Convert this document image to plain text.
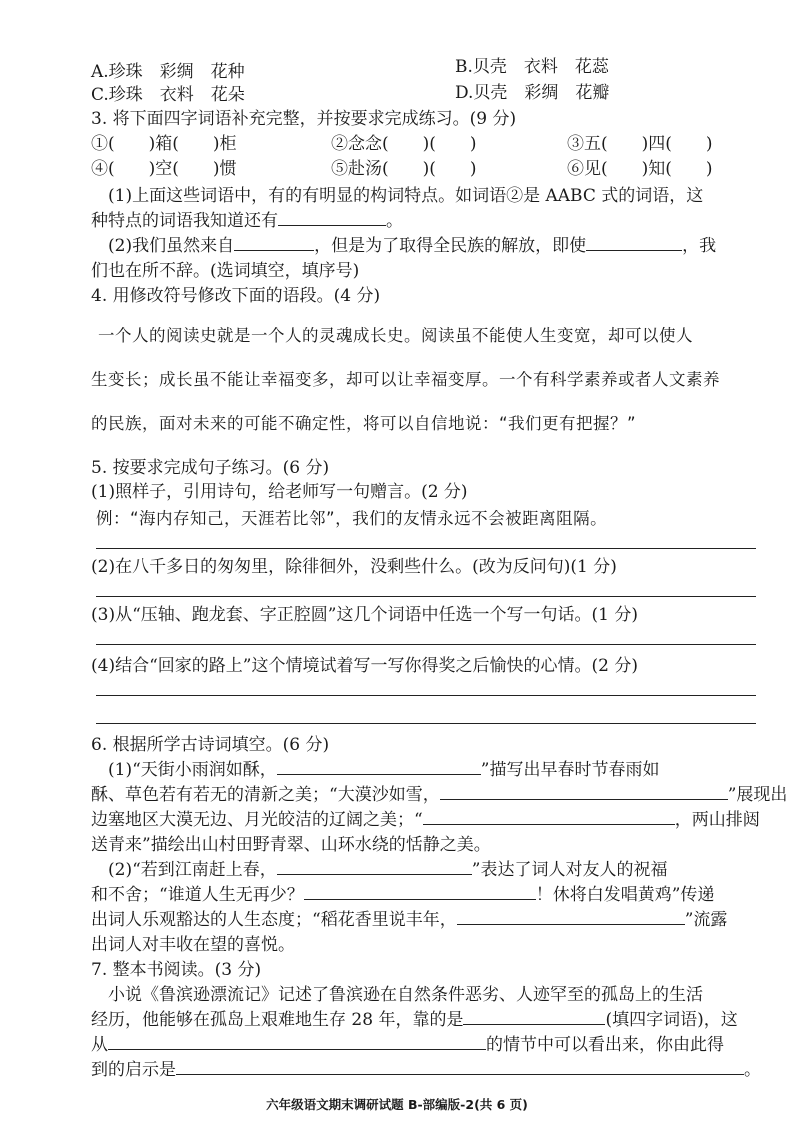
A.珍珠　彩绸　花种	B.贝壳　衣料　花蕊
C.珍珠　衣料　花朵	D.贝壳　彩绸　花瓣
3. 将下面四字词语补充完整，并按要求完成练习。(9 分)
①(　　)箱(　　)柜	②念念(　　)(　　)	③五(　　)四(　　)
④(　　)空(　　)惯	⑤赴汤(　　)(　　)	⑥见(　　)知(　　)
(1)上面这些词语中，有的有明显的构词特点。如词语②是 AABC 式的词语，这
种特点的词语我知道还有	。
(2)我们虽然来自	，但是为了取得全民族的解放，即使	，我
们也在所不辞。(选词填空，填序号)
4. 用修改符号修改下面的语段。(4 分)
一个人的阅读史就是一个人的灵魂成长史。阅读虽不能使人生变宽，却可以使人
生变长；成长虽不能让幸福变多，却可以让幸福变厚。一个有科学素养或者人文素养
的民族，面对未来的可能不确定性，将可以自信地说：“我们更有把握？”
5. 按要求完成句子练习。(6 分)
(1)照样子，引用诗句，给老师写一句赠言。(2 分)
例：“海内存知己，天涯若比邻”，我们的友情永远不会被距离阻隔。
(2)在八千多日的匆匆里，除徘徊外，没剩些什么。(改为反问句)(1 分)
(3)从“压轴、跑龙套、字正腔圆”这几个词语中任选一个写一句话。(1 分)
(4)结合“回家的路上”这个情境试着写一写你得奖之后愉快的心情。(2 分)
6. 根据所学古诗词填空。(6 分)
(1)“天街小雨润如酥，	”描写出早春时节春雨如
酥、草色若有若无的清新之美；“大漠沙如雪，	”展现出
边塞地区大漠无边、月光皎洁的辽阔之美；“	，两山排闼
送青来”描绘出山村田野青翠、山环水绕的恬静之美。
(2)“若到江南赶上春，	”表达了词人对友人的祝福
和不舍；“谁道人生无再少？	！休将白发唱黄鸡”传递
出词人乐观豁达的人生态度；“稻花香里说丰年，	”流露
出词人对丰收在望的喜悦。
7. 整本书阅读。(3 分)
小说《鲁滨逊漂流记》记述了鲁滨逊在自然条件恶劣、人迹罕至的孤岛上的生活
经历，他能够在孤岛上艰难地生存 28 年，靠的是	(填四字词语)，这
从	的情节中可以看出来，你由此得
到的启示是	。
六年级语文期末调研试题 B-部编版-2(共 6 页)
